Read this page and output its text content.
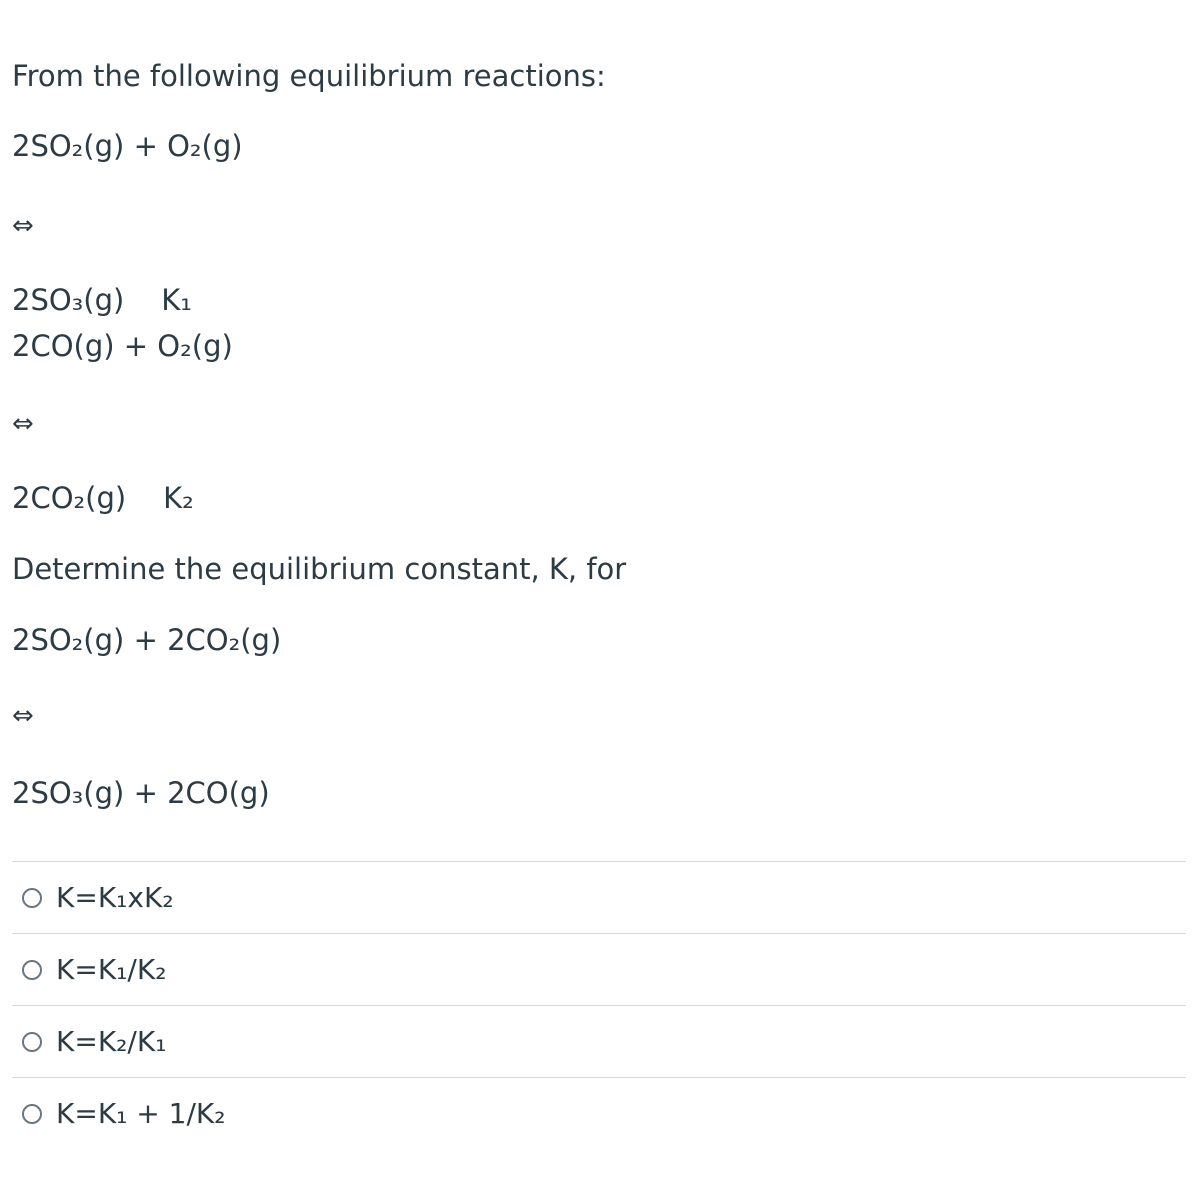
From the following equilibrium reactions:
2SO₂(g) + O₂(g)
⇔
2SO₃(g) K₁
2CO(g) + O₂(g)
⇔
2CO₂(g) K₂
Determine the equilibrium constant, K, for
2SO₂(g) + 2CO₂(g)
⇔
2SO₃(g) + 2CO(g)
K=K₁xK₂
K=K₁/K₂
K=K₂/K₁
K=K₁ + 1/K₂
